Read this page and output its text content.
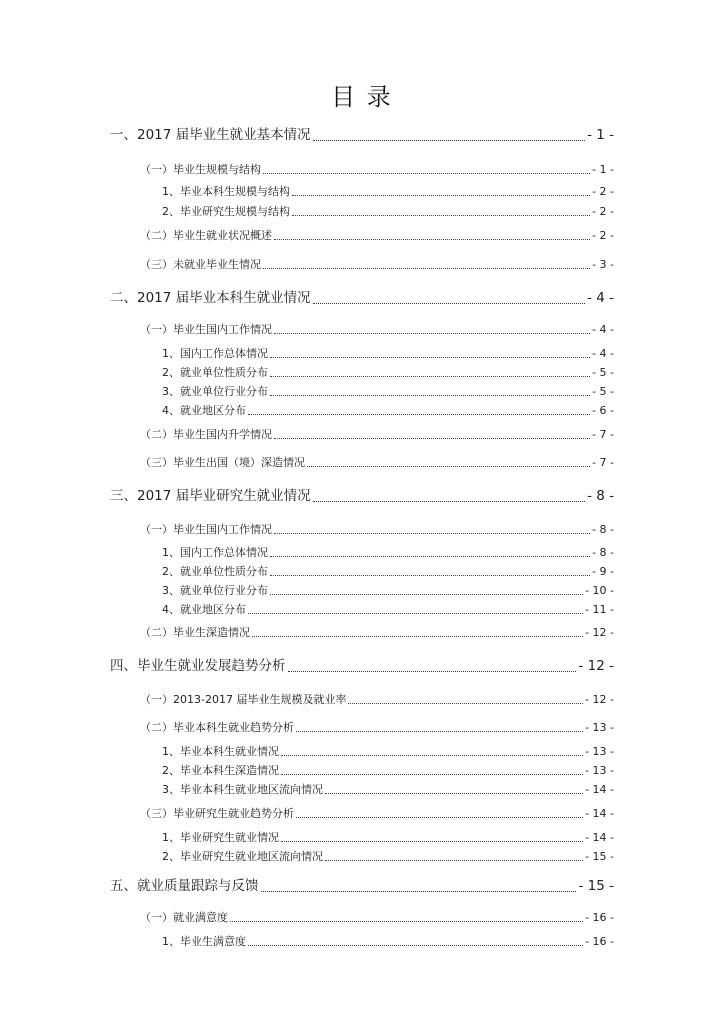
目 录
一、2017 届毕业生就业基本情况	- 1 -
（一）毕业生规模与结构	- 1 -
1、毕业本科生规模与结构	- 2 -
2、毕业研究生规模与结构	- 2 -
（二）毕业生就业状况概述	- 2 -
（三）未就业毕业生情况	- 3 -
二、2017 届毕业本科生就业情况	- 4 -
（一）毕业生国内工作情况	- 4 -
1、国内工作总体情况	- 4 -
2、就业单位性质分布	- 5 -
3、就业单位行业分布	- 5 -
4、就业地区分布	- 6 -
（二）毕业生国内升学情况	- 7 -
（三）毕业生出国（境）深造情况	- 7 -
三、2017 届毕业研究生就业情况	- 8 -
（一）毕业生国内工作情况	- 8 -
1、国内工作总体情况	- 8 -
2、就业单位性质分布	- 9 -
3、就业单位行业分布	- 10 -
4、就业地区分布	- 11 -
（二）毕业生深造情况	- 12 -
四、毕业生就业发展趋势分析	- 12 -
（一）2013-2017 届毕业生规模及就业率	- 12 -
（二）毕业本科生就业趋势分析	- 13 -
1、毕业本科生就业情况	- 13 -
2、毕业本科生深造情况	- 13 -
3、毕业本科生就业地区流向情况	- 14 -
（三）毕业研究生就业趋势分析	- 14 -
1、毕业研究生就业情况	- 14 -
2、毕业研究生就业地区流向情况	- 15 -
五、就业质量跟踪与反馈	- 15 -
（一）就业满意度	- 16 -
1、毕业生满意度	- 16 -
